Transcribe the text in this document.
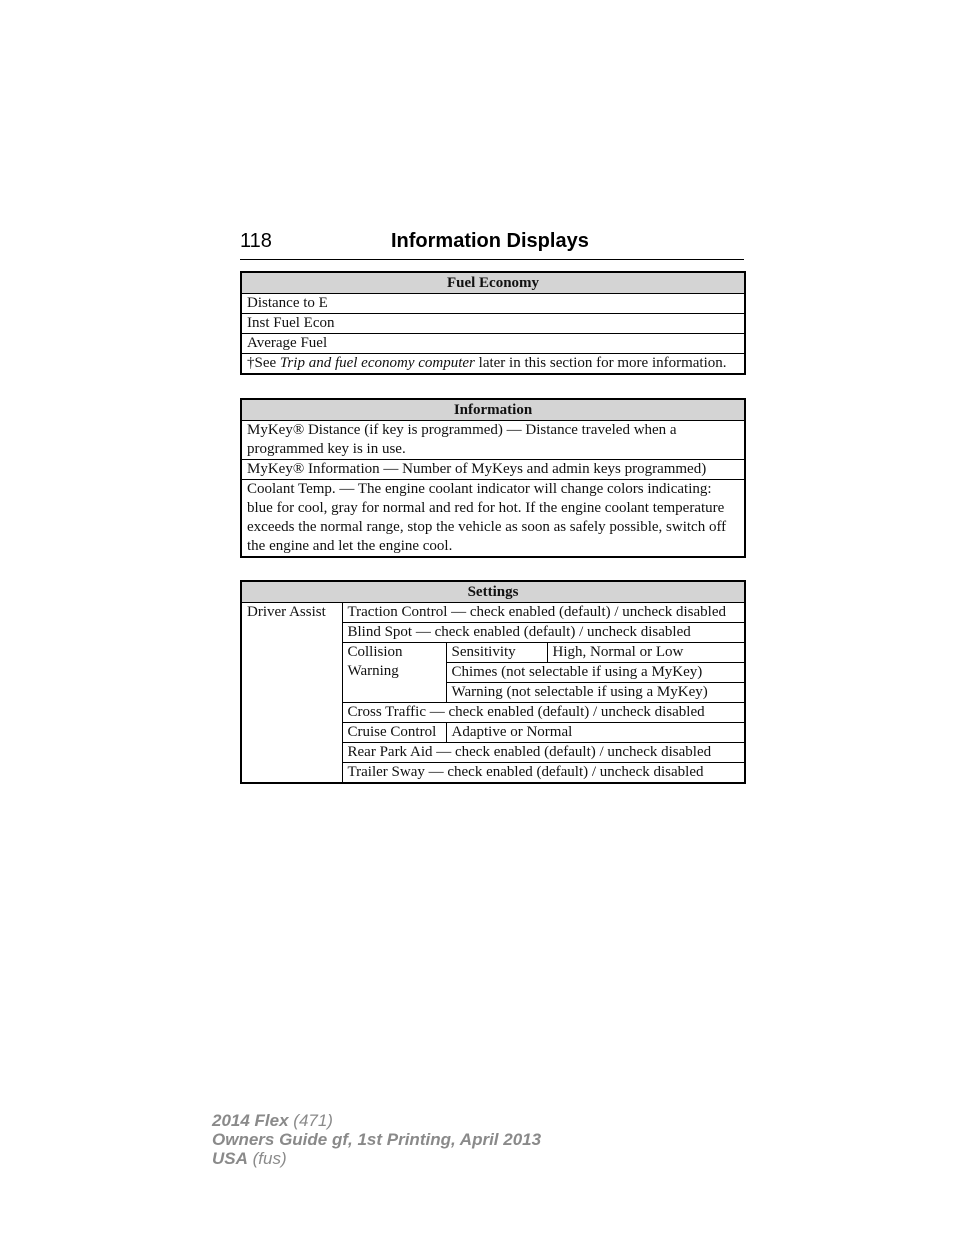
118	Information Displays
Fuel Economy
Distance to E
Inst Fuel Econ
Average Fuel
†See Trip and fuel economy computer later in this section for more information.
Information
MyKey® Distance (if key is programmed) — Distance traveled when a programmed key is in use.
MyKey® Information — Number of MyKeys and admin keys programmed)
Coolant Temp. — The engine coolant indicator will change colors indicating: blue for cool, gray for normal and red for hot. If the engine coolant temperature exceeds the normal range, stop the vehicle as soon as safely possible, switch off the engine and let the engine cool.
Settings			
Driver Assist	Traction Control — check enabled (default) / uncheck disabled		
	Blind Spot — check enabled (default) / uncheck disabled		
	Collision Warning	Sensitivity	High, Normal or Low
		Chimes (not selectable if using a MyKey)	
		Warning (not selectable if using a MyKey)	
	Cross Traffic — check enabled (default) / uncheck disabled		
	Cruise Control	Adaptive or Normal	
	Rear Park Aid — check enabled (default) / uncheck disabled		
	Trailer Sway — check enabled (default) / uncheck disabled		
2014 Flex (471)
Owners Guide gf, 1st Printing, April 2013
USA (fus)
